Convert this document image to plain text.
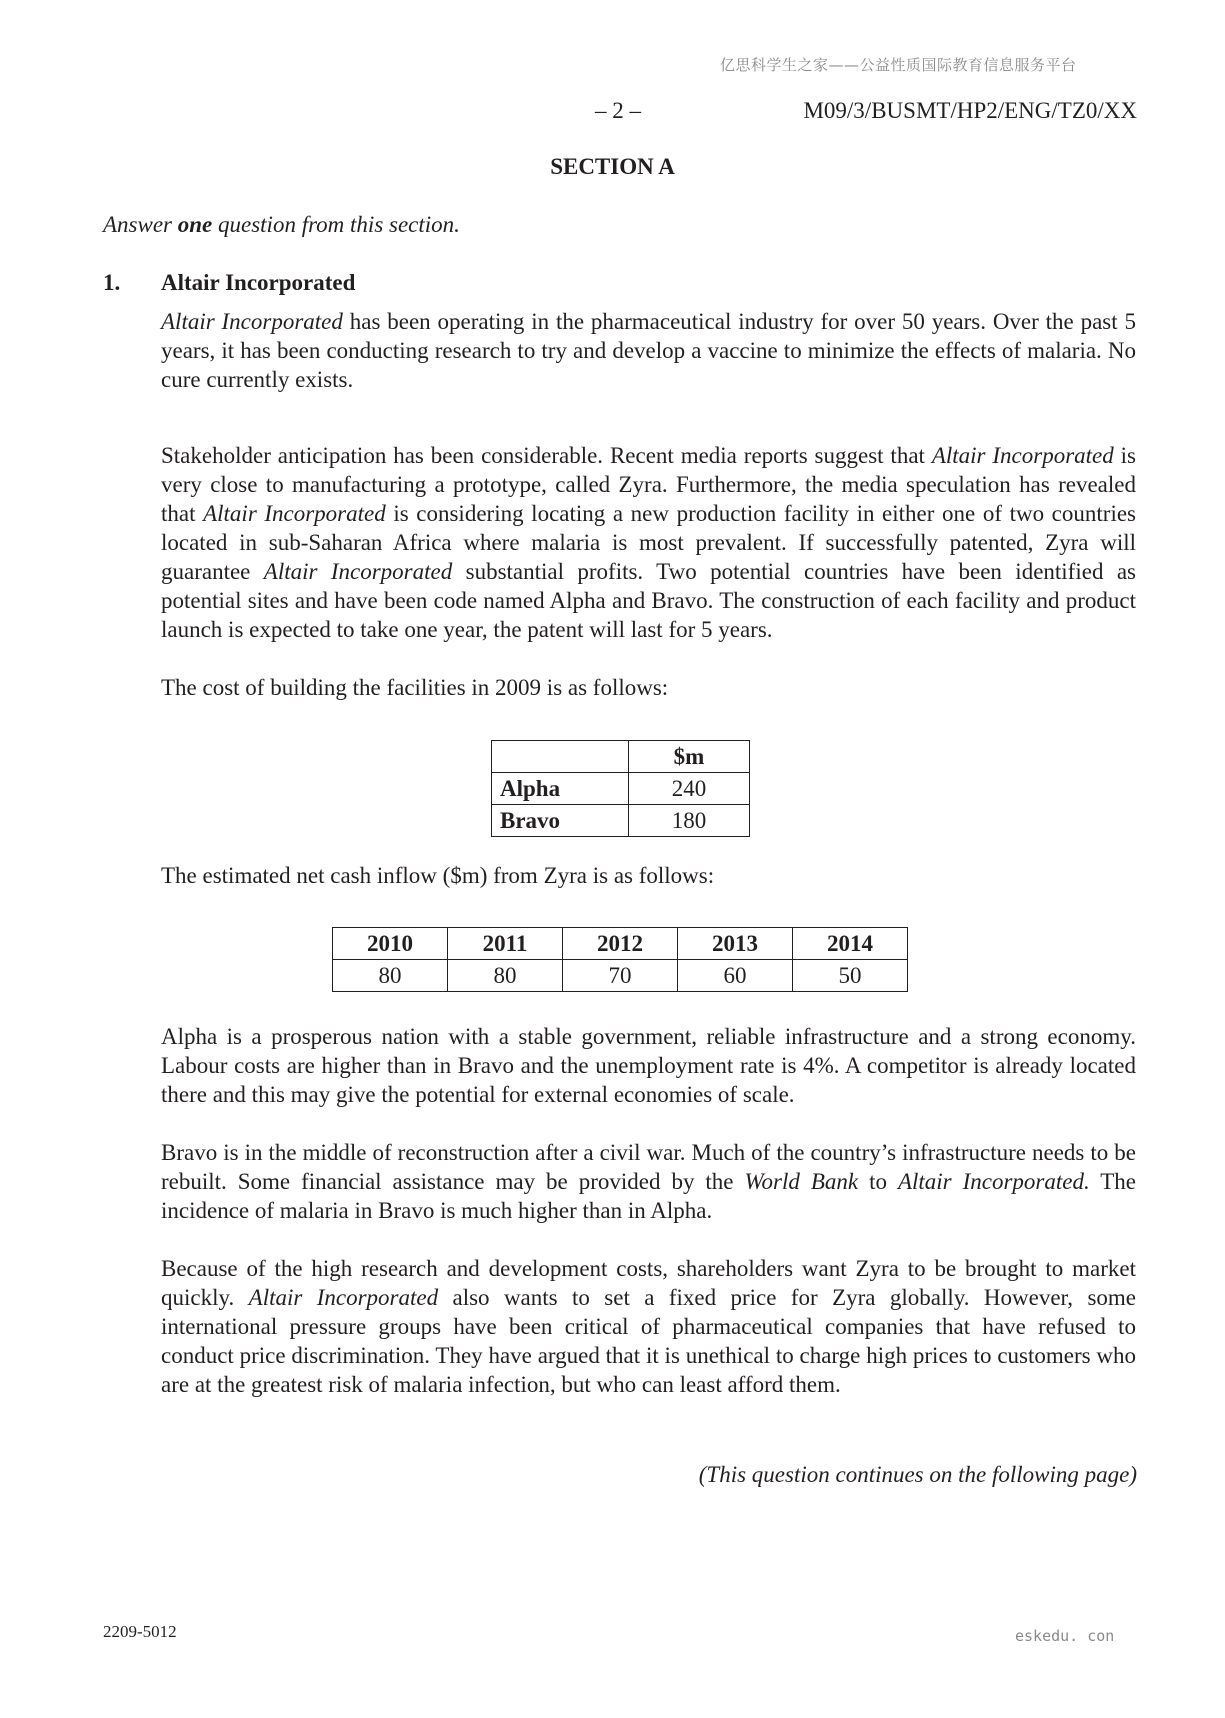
亿思科学生之家——公益性质国际教育信息服务平台
– 2 –	M09/3/BUSMT/HP2/ENG/TZ0/XX
SECTION A
Answer one question from this section.
1. Altair Incorporated

Altair Incorporated has been operating in the pharmaceutical industry for over 50 years. Over the past 5 years, it has been conducting research to try and develop a vaccine to minimize the effects of malaria. No cure currently exists.

Stakeholder anticipation has been considerable. Recent media reports suggest that Altair Incorporated is very close to manufacturing a prototype, called Zyra. Furthermore, the media speculation has revealed that Altair Incorporated is considering locating a new production facility in either one of two countries located in sub-Saharan Africa where malaria is most prevalent. If successfully patented, Zyra will guarantee Altair Incorporated substantial profits. Two potential countries have been identified as potential sites and have been code named Alpha and Bravo. The construction of each facility and product launch is expected to take one year, the patent will last for 5 years.

The cost of building the facilities in 2009 is as follows:

	$m
Alpha	240
Bravo	180

The estimated net cash inflow ($m) from Zyra is as follows:

2010	2011	2012	2013	2014
80	80	70	60	50

Alpha is a prosperous nation with a stable government, reliable infrastructure and a strong economy. Labour costs are higher than in Bravo and the unemployment rate is 4%. A competitor is already located there and this may give the potential for external economies of scale.

Bravo is in the middle of reconstruction after a civil war. Much of the country’s infrastructure needs to be rebuilt. Some financial assistance may be provided by the World Bank to Altair Incorporated. The incidence of malaria in Bravo is much higher than in Alpha.

Because of the high research and development costs, shareholders want Zyra to be brought to market quickly. Altair Incorporated also wants to set a fixed price for Zyra globally. However, some international pressure groups have been critical of pharmaceutical companies that have refused to conduct price discrimination. They have argued that it is unethical to charge high prices to customers who are at the greatest risk of malaria infection, but who can least afford them.

(This question continues on the following page)
2209-5012	eskedu. con
